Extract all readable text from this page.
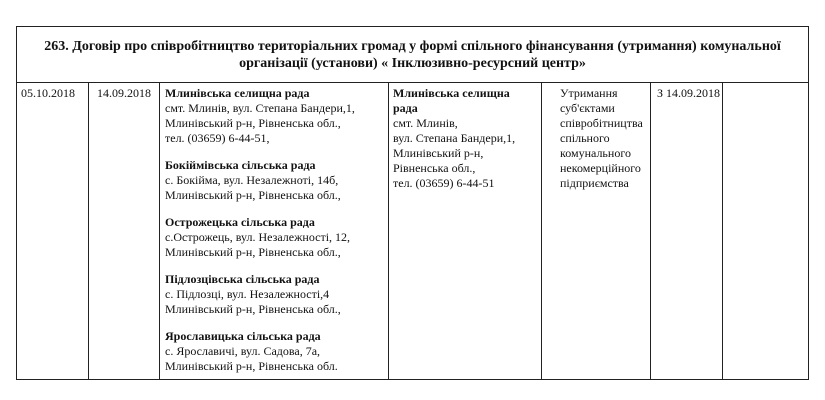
263. Договір про співробітництво територіальних громад у формі спільного фінансування (утримання) комунальної
організації (установи) « Інклюзивно-ресурсний центр»
05.10.2018 14.09.2018 Млинівська селищна рада
смт. Млинів, вул. Степана Бандери,1,
Млинівський р-н, Рівненська обл.,
тел. (03659) 6-44-51,
Бокіймівська сільська рада
с. Бокійма, вул. Незалежноті, 14б,
Млинівський р-н, Рівненська обл.,
Острожецька сільська рада
с.Острожець, вул. Незалежності, 12,
Млинівський р-н, Рівненська обл.,
Підлозцівська сільська рада
с. Підлозці, вул. Незалежності,4
Млинівський р-н, Рівненська обл.,
Ярославицька сільська рада
с. Ярославичі, вул. Садова, 7а,
Млинівський р-н, Рівненська обл.
Млинівська селищна
рада
смт. Млинів,
вул. Степана Бандери,1,
Млинівський р-н,
Рівненська обл.,
тел. (03659) 6-44-51
Утримання
суб'єктами
співробітництва
спільного
комунального
некомерційного
підприємства
З 14.09.2018
